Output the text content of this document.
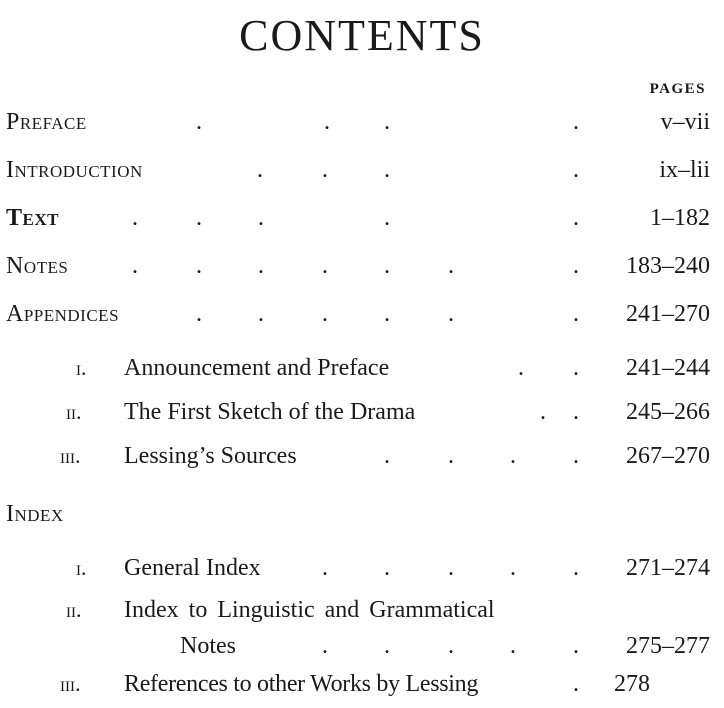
CONTENTS
PAGES
Preface	.	. .	.	v–vii
Introduction	. . .	.	ix–lii
Text	. . .	.	.	1–182
Notes	. . . . . .	. 183–240
Appendices	. . . . .	. 241–270
i.	Announcement and Preface	. . 241–244
ii.	The First Sketch of the Drama	. . 245–266
iii.	Lessing’s Sources	. . . . 267–270
Index
i.	General Index	. . . . . 271–274
ii.	Index to Linguistic and Grammatical
Notes	. . . . . 275–277
iii.	References to other Works by Lessing	. 278
